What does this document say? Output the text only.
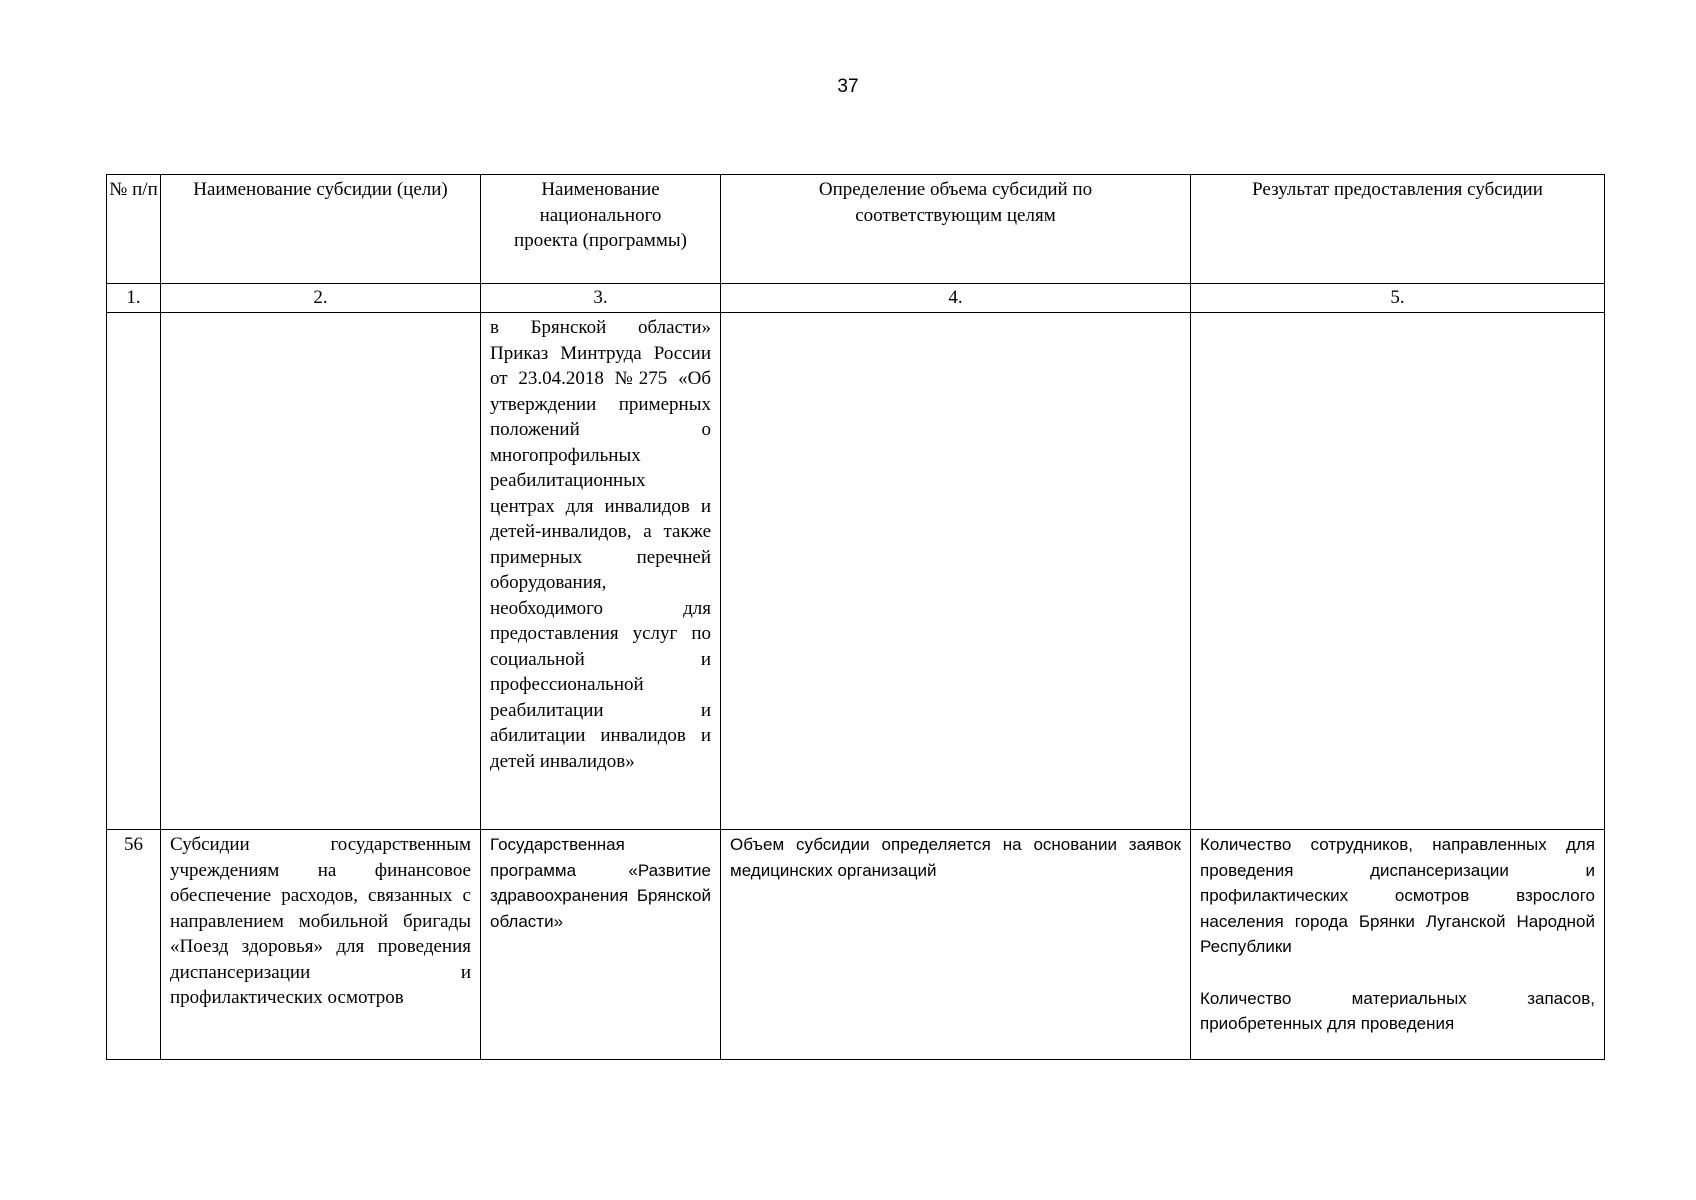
37
№ п/п	Наименование субсидии (цели)	Наименование национального проекта (программы)	Определение объема субсидий по соответствующим целям	Результат предоставления субсидии
1.	2.	3.	4.	5.
		в Брянской области» Приказ Минтруда России от 23.04.2018 №275 «Об утверждении примерных положений о многопрофильных реабилитационных центрах для инвалидов и детей-инвалидов, а также примерных перечней оборудования, необходимого для предоставления услуг по социальной и профессиональной реабилитации и абилитации инвалидов и детей инвалидов»		
56	Субсидии государственным учреждениям на финансовое обеспечение расходов, связанных с направлением мобильной бригады «Поезд здоровья» для проведения диспансеризации и профилактических осмотров	Государственная программа «Развитие здравоохранения Брянской области»	Объем субсидии определяется на основании заявок медицинских организаций	Количество сотрудников, направленных для проведения диспансеризации и профилактических осмотров взрослого населения города Брянки Луганской Народной Республики
Количество материальных запасов, приобретенных для проведения
